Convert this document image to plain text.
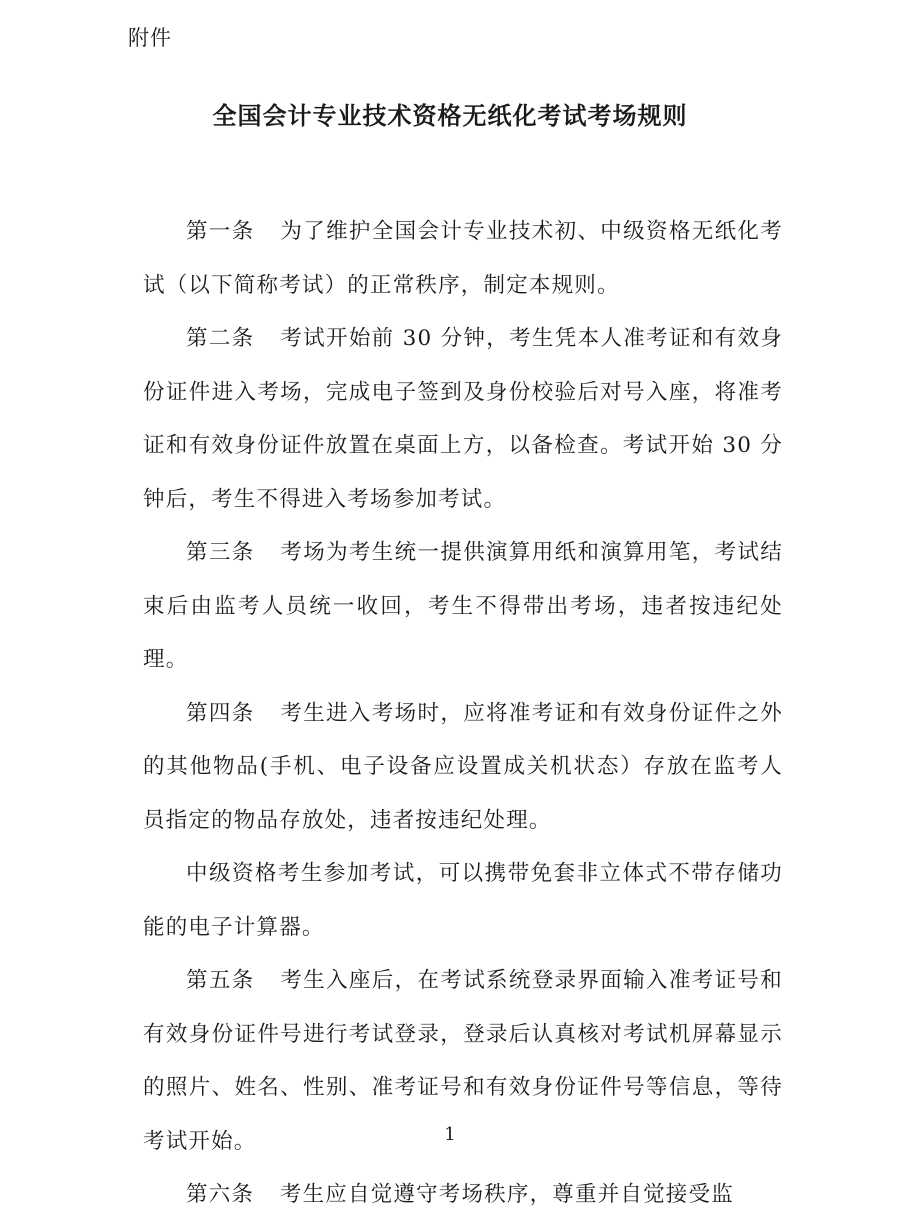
附件
全国会计专业技术资格无纸化考试考场规则

第一条 为了维护全国会计专业技术初、中级资格无纸化考试（以下简称考试）的正常秩序，制定本规则。

第二条 考试开始前 30 分钟，考生凭本人准考证和有效身份证件进入考场，完成电子签到及身份校验后对号入座，将准考证和有效身份证件放置在桌面上方，以备检查。考试开始 30 分钟后，考生不得进入考场参加考试。

第三条 考场为考生统一提供演算用纸和演算用笔，考试结束后由监考人员统一收回，考生不得带出考场，违者按违纪处理。

第四条 考生进入考场时，应将准考证和有效身份证件之外的其他物品(手机、电子设备应设置成关机状态）存放在监考人员指定的物品存放处，违者按违纪处理。

中级资格考生参加考试，可以携带免套非立体式不带存储功能的电子计算器。

第五条 考生入座后，在考试系统登录界面输入准考证号和有效身份证件号进行考试登录，登录后认真核对考试机屏幕显示的照片、姓名、性别、准考证号和有效身份证件号等信息，等待考试开始。

第六条 考生应自觉遵守考场秩序，尊重并自觉接受监

1
